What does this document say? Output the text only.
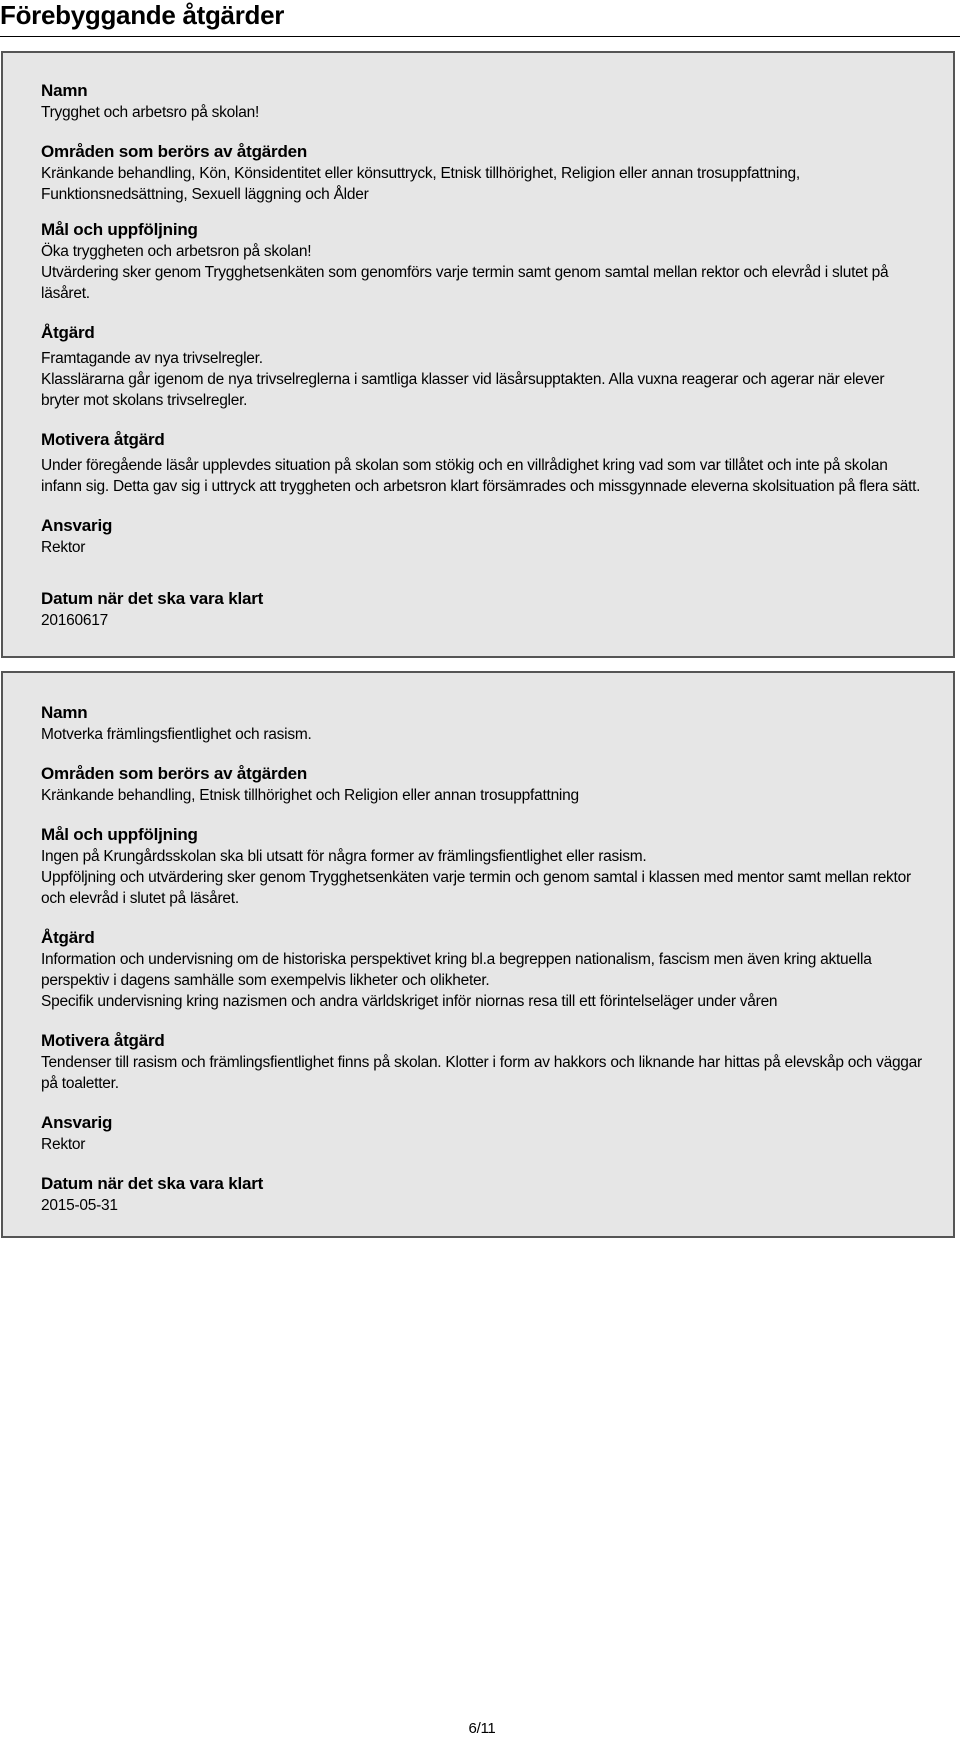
Förebyggande åtgärder
Namn
Trygghet och arbetsro på skolan!
Områden som berörs av åtgärden
Kränkande behandling, Kön, Könsidentitet eller könsuttryck, Etnisk tillhörighet, Religion eller annan trosuppfattning, Funktionsnedsättning, Sexuell läggning och Ålder
Mål och uppföljning
Öka tryggheten och arbetsron på skolan!
Utvärdering sker genom Trygghetsenkäten som genomförs varje termin samt genom samtal mellan rektor och elevråd i slutet på läsåret.
Åtgärd
Framtagande av nya trivselregler.
Klasslärarna går igenom de nya trivselreglerna i samtliga klasser vid läsårsupptakten. Alla vuxna reagerar och agerar när elever bryter mot skolans trivselregler.
Motivera åtgärd
Under föregående läsår upplevdes situation på skolan som stökig och en villrådighet kring vad som var tillåtet och inte på skolan infann sig. Detta gav sig i uttryck att tryggheten och arbetsron klart försämrades och missgynnade eleverna skolsituation på flera sätt.
Ansvarig
Rektor
Datum när det ska vara klart
20160617
Namn
Motverka främlingsfientlighet och rasism.
Områden som berörs av åtgärden
Kränkande behandling, Etnisk tillhörighet och Religion eller annan trosuppfattning
Mål och uppföljning
Ingen på Krungårdsskolan ska bli utsatt för några former av främlingsfientlighet eller rasism.
Uppföljning och utvärdering sker genom Trygghetsenkäten varje termin och genom samtal i klassen med mentor samt mellan rektor och elevråd i slutet på läsåret.
Åtgärd
Information och undervisning om de historiska perspektivet kring bl.a begreppen nationalism, fascism men även kring aktuella perspektiv i dagens samhälle som exempelvis likheter och olikheter.
Specifik undervisning kring nazismen och andra världskriget inför niornas resa till ett förintelseläger under våren
Motivera åtgärd
Tendenser till rasism och främlingsfientlighet finns på skolan. Klotter i form av hakkors och liknande har hittas på elevskåp och väggar på toaletter.
Ansvarig
Rektor
Datum när det ska vara klart
2015-05-31
6/11
